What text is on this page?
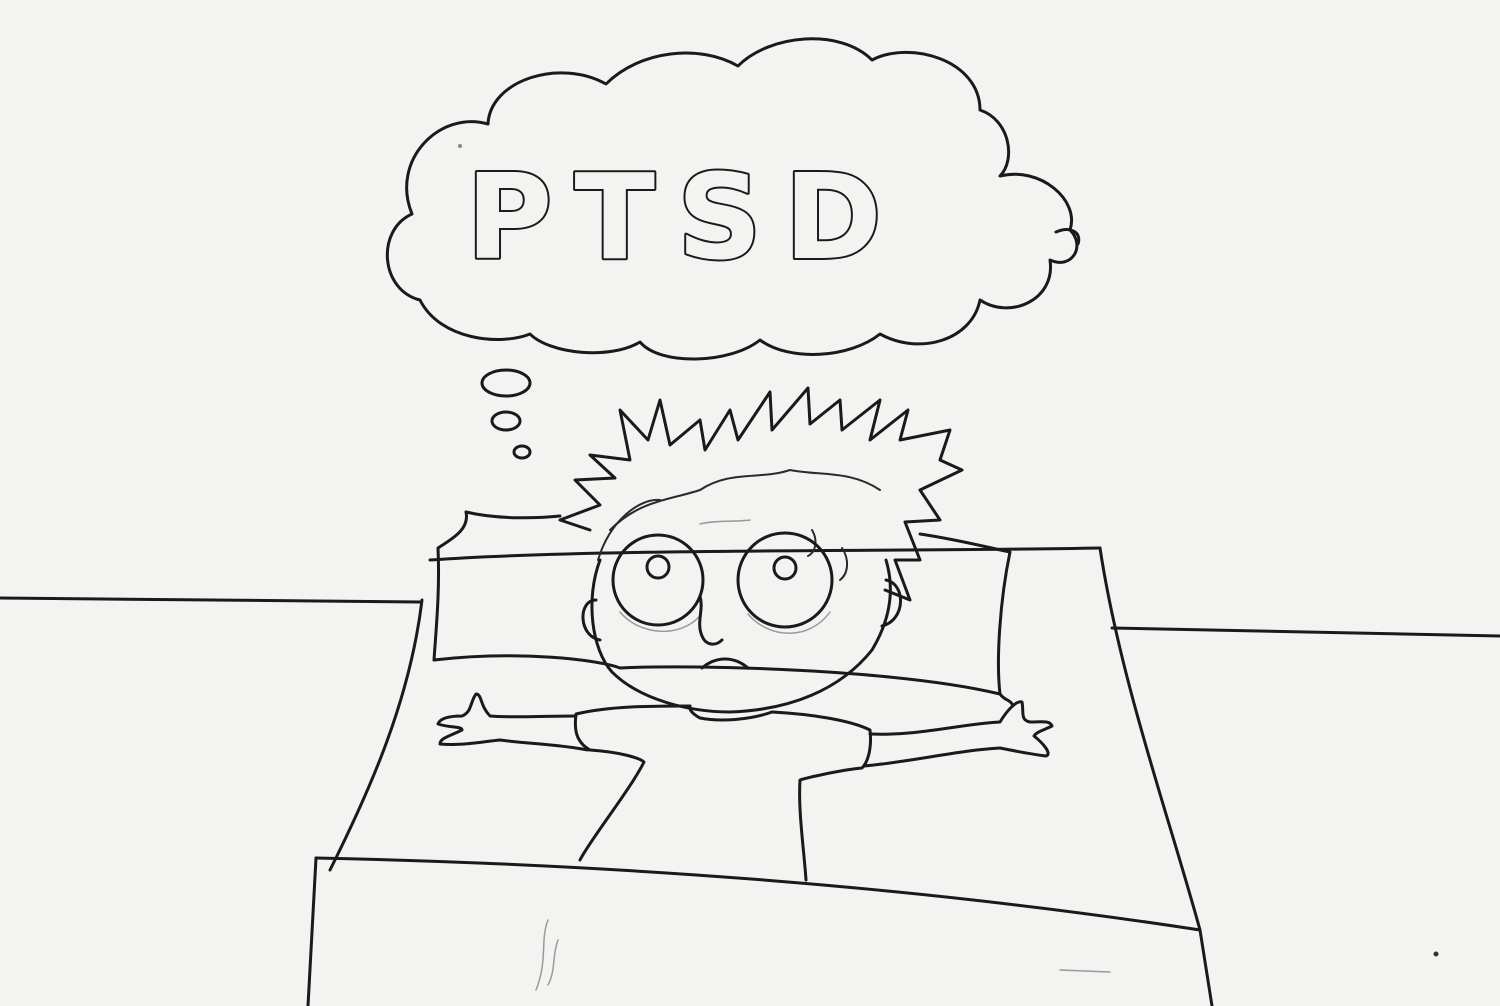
PTSD
